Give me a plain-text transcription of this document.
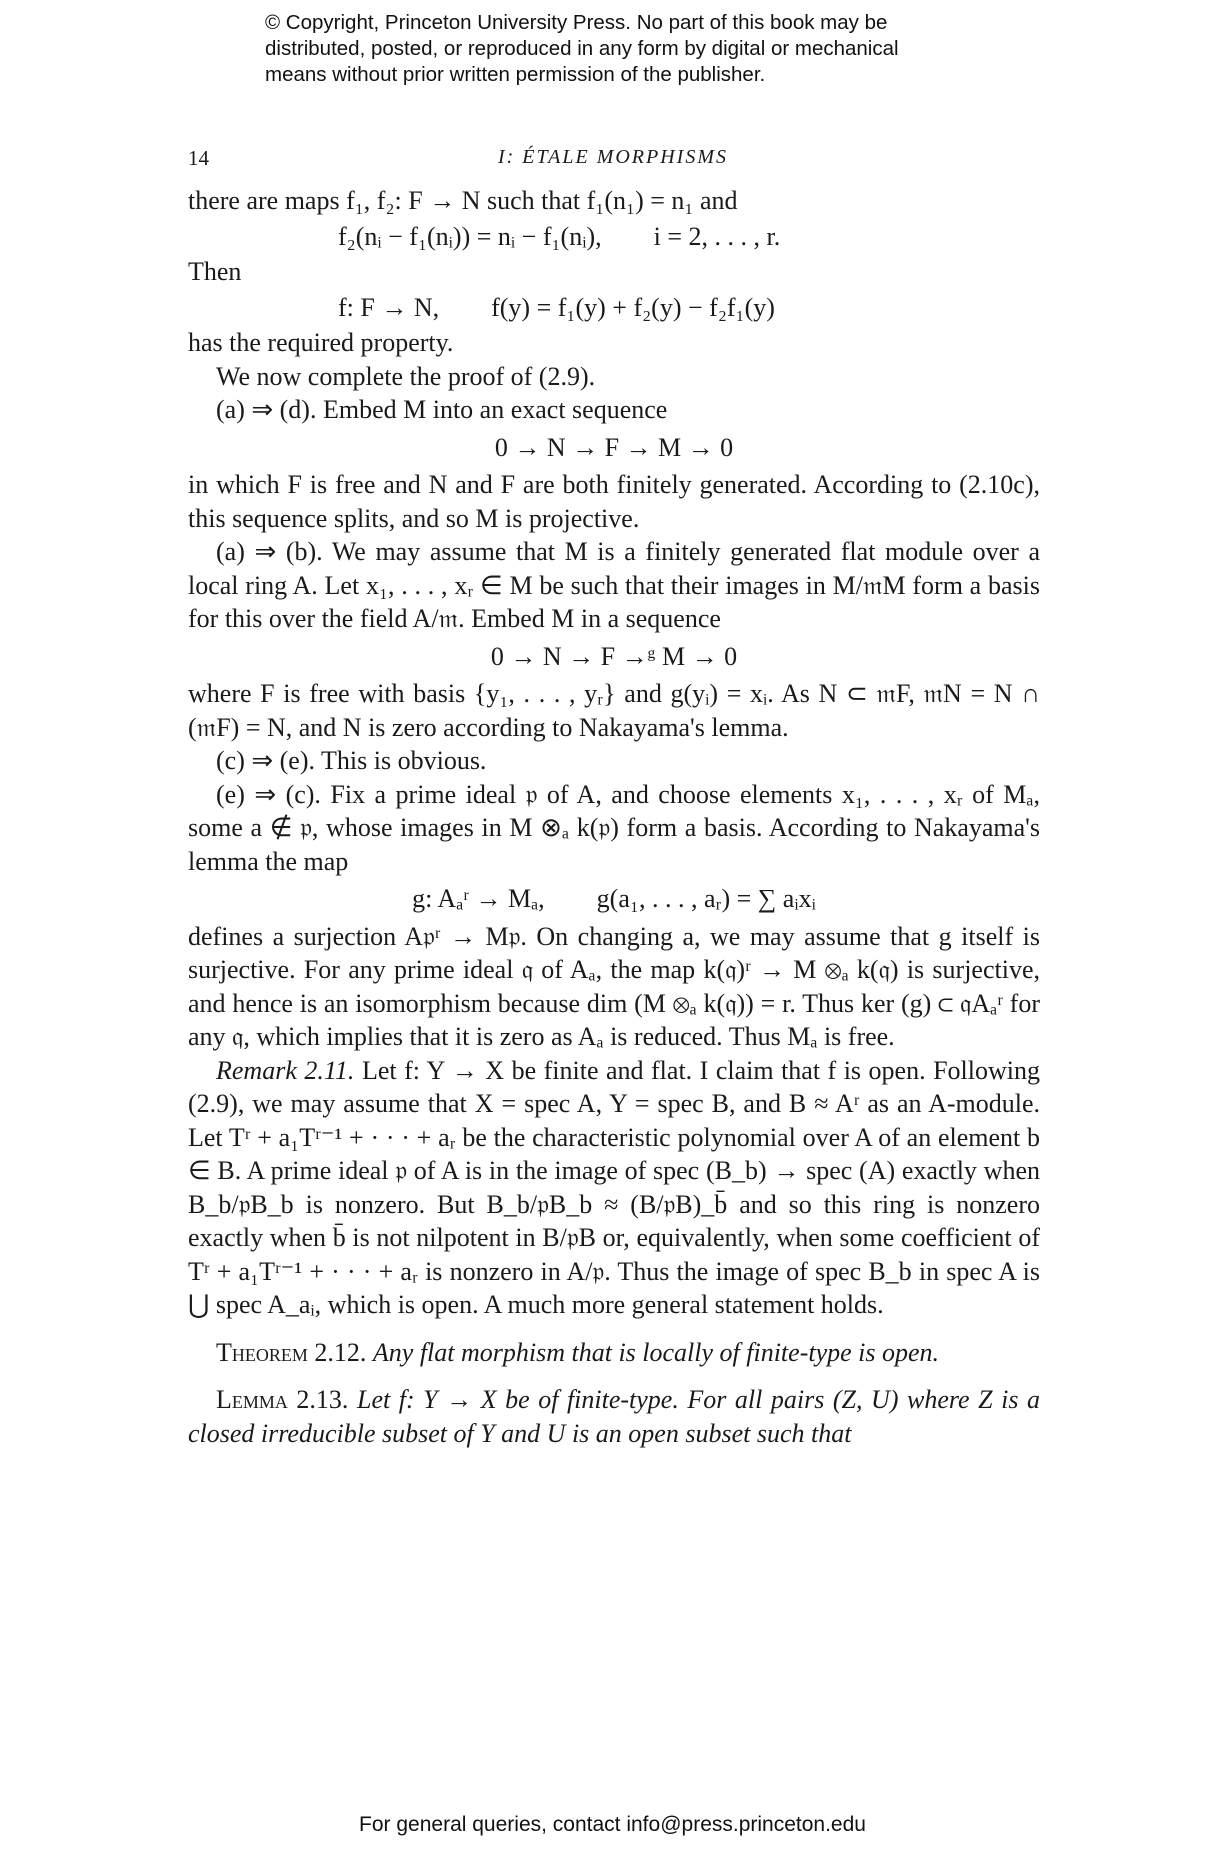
© Copyright, Princeton University Press. No part of this book may be
distributed, posted, or reproduced in any form by digital or mechanical
means without prior written permission of the publisher.
14	I: ÉTALE MORPHISMS

there are maps f₁, f₂: F → N such that f₁(n₁) = n₁ and

f₂(nᵢ − f₁(nᵢ)) = nᵢ − f₁(nᵢ),        i = 2, . . . , r.

Then

f: F → N,        f(y) = f₁(y) + f₂(y) − f₂f₁(y)

has the required property.

We now complete the proof of (2.9).

(a) ⇒ (d). Embed M into an exact sequence

0 → N → F → M → 0

in which F is free and N and F are both finitely generated. According to (2.10c), this sequence splits, and so M is projective.

(a) ⇒ (b). We may assume that M is a finitely generated flat module over a local ring A. Let x₁, . . . , xᵣ ∈ M be such that their images in M/𝔪M form a basis for this over the field A/𝔪. Embed M in a sequence

0 → N → F →ᵍ M → 0

where F is free with basis {y₁, . . . , yᵣ} and g(yᵢ) = xᵢ. As N ⊂ 𝔪F, 𝔪N = N ∩ (𝔪F) = N, and N is zero according to Nakayama's lemma.

(c) ⇒ (e). This is obvious.

(e) ⇒ (c). Fix a prime ideal 𝔭 of A, and choose elements x₁, . . . , xᵣ of Mₐ, some a ∉ 𝔭, whose images in M ⊗ₐ k(𝔭) form a basis. According to Nakayama's lemma the map

g: Aₐʳ → Mₐ,        g(a₁, . . . , aᵣ) = ∑ aᵢxᵢ

defines a surjection A𝔭ʳ → M𝔭. On changing a, we may assume that g itself is surjective. For any prime ideal 𝔮 of Aₐ, the map k(𝔮)ʳ → M ⊗ₐ k(𝔮) is surjective, and hence is an isomorphism because dim (M ⊗ₐ k(𝔮)) = r. Thus ker (g) ⊂ 𝔮Aₐʳ for any 𝔮, which implies that it is zero as Aₐ is reduced. Thus Mₐ is free.

Remark 2.11. Let f: Y → X be finite and flat. I claim that f is open. Following (2.9), we may assume that X = spec A, Y = spec B, and B ≈ Aʳ as an A-module. Let Tʳ + a₁Tʳ⁻¹ + · · · + aᵣ be the characteristic polynomial over A of an element b ∈ B. A prime ideal 𝔭 of A is in the image of spec (B_b) → spec (A) exactly when B_b/𝔭B_b is nonzero. But B_b/𝔭B_b ≈ (B/𝔭B)_b̄ and so this ring is nonzero exactly when b̄ is not nilpotent in B/𝔭B or, equivalently, when some coefficient of Tʳ + a₁Tʳ⁻¹ + · · · + aᵣ is nonzero in A/𝔭. Thus the image of spec B_b in spec A is ⋃ spec A_aᵢ, which is open. A much more general statement holds.

Theorem 2.12. Any flat morphism that is locally of finite-type is open.

Lemma 2.13. Let f: Y → X be of finite-type. For all pairs (Z, U) where Z is a closed irreducible subset of Y and U is an open subset such that

For general queries, contact info@press.princeton.edu
